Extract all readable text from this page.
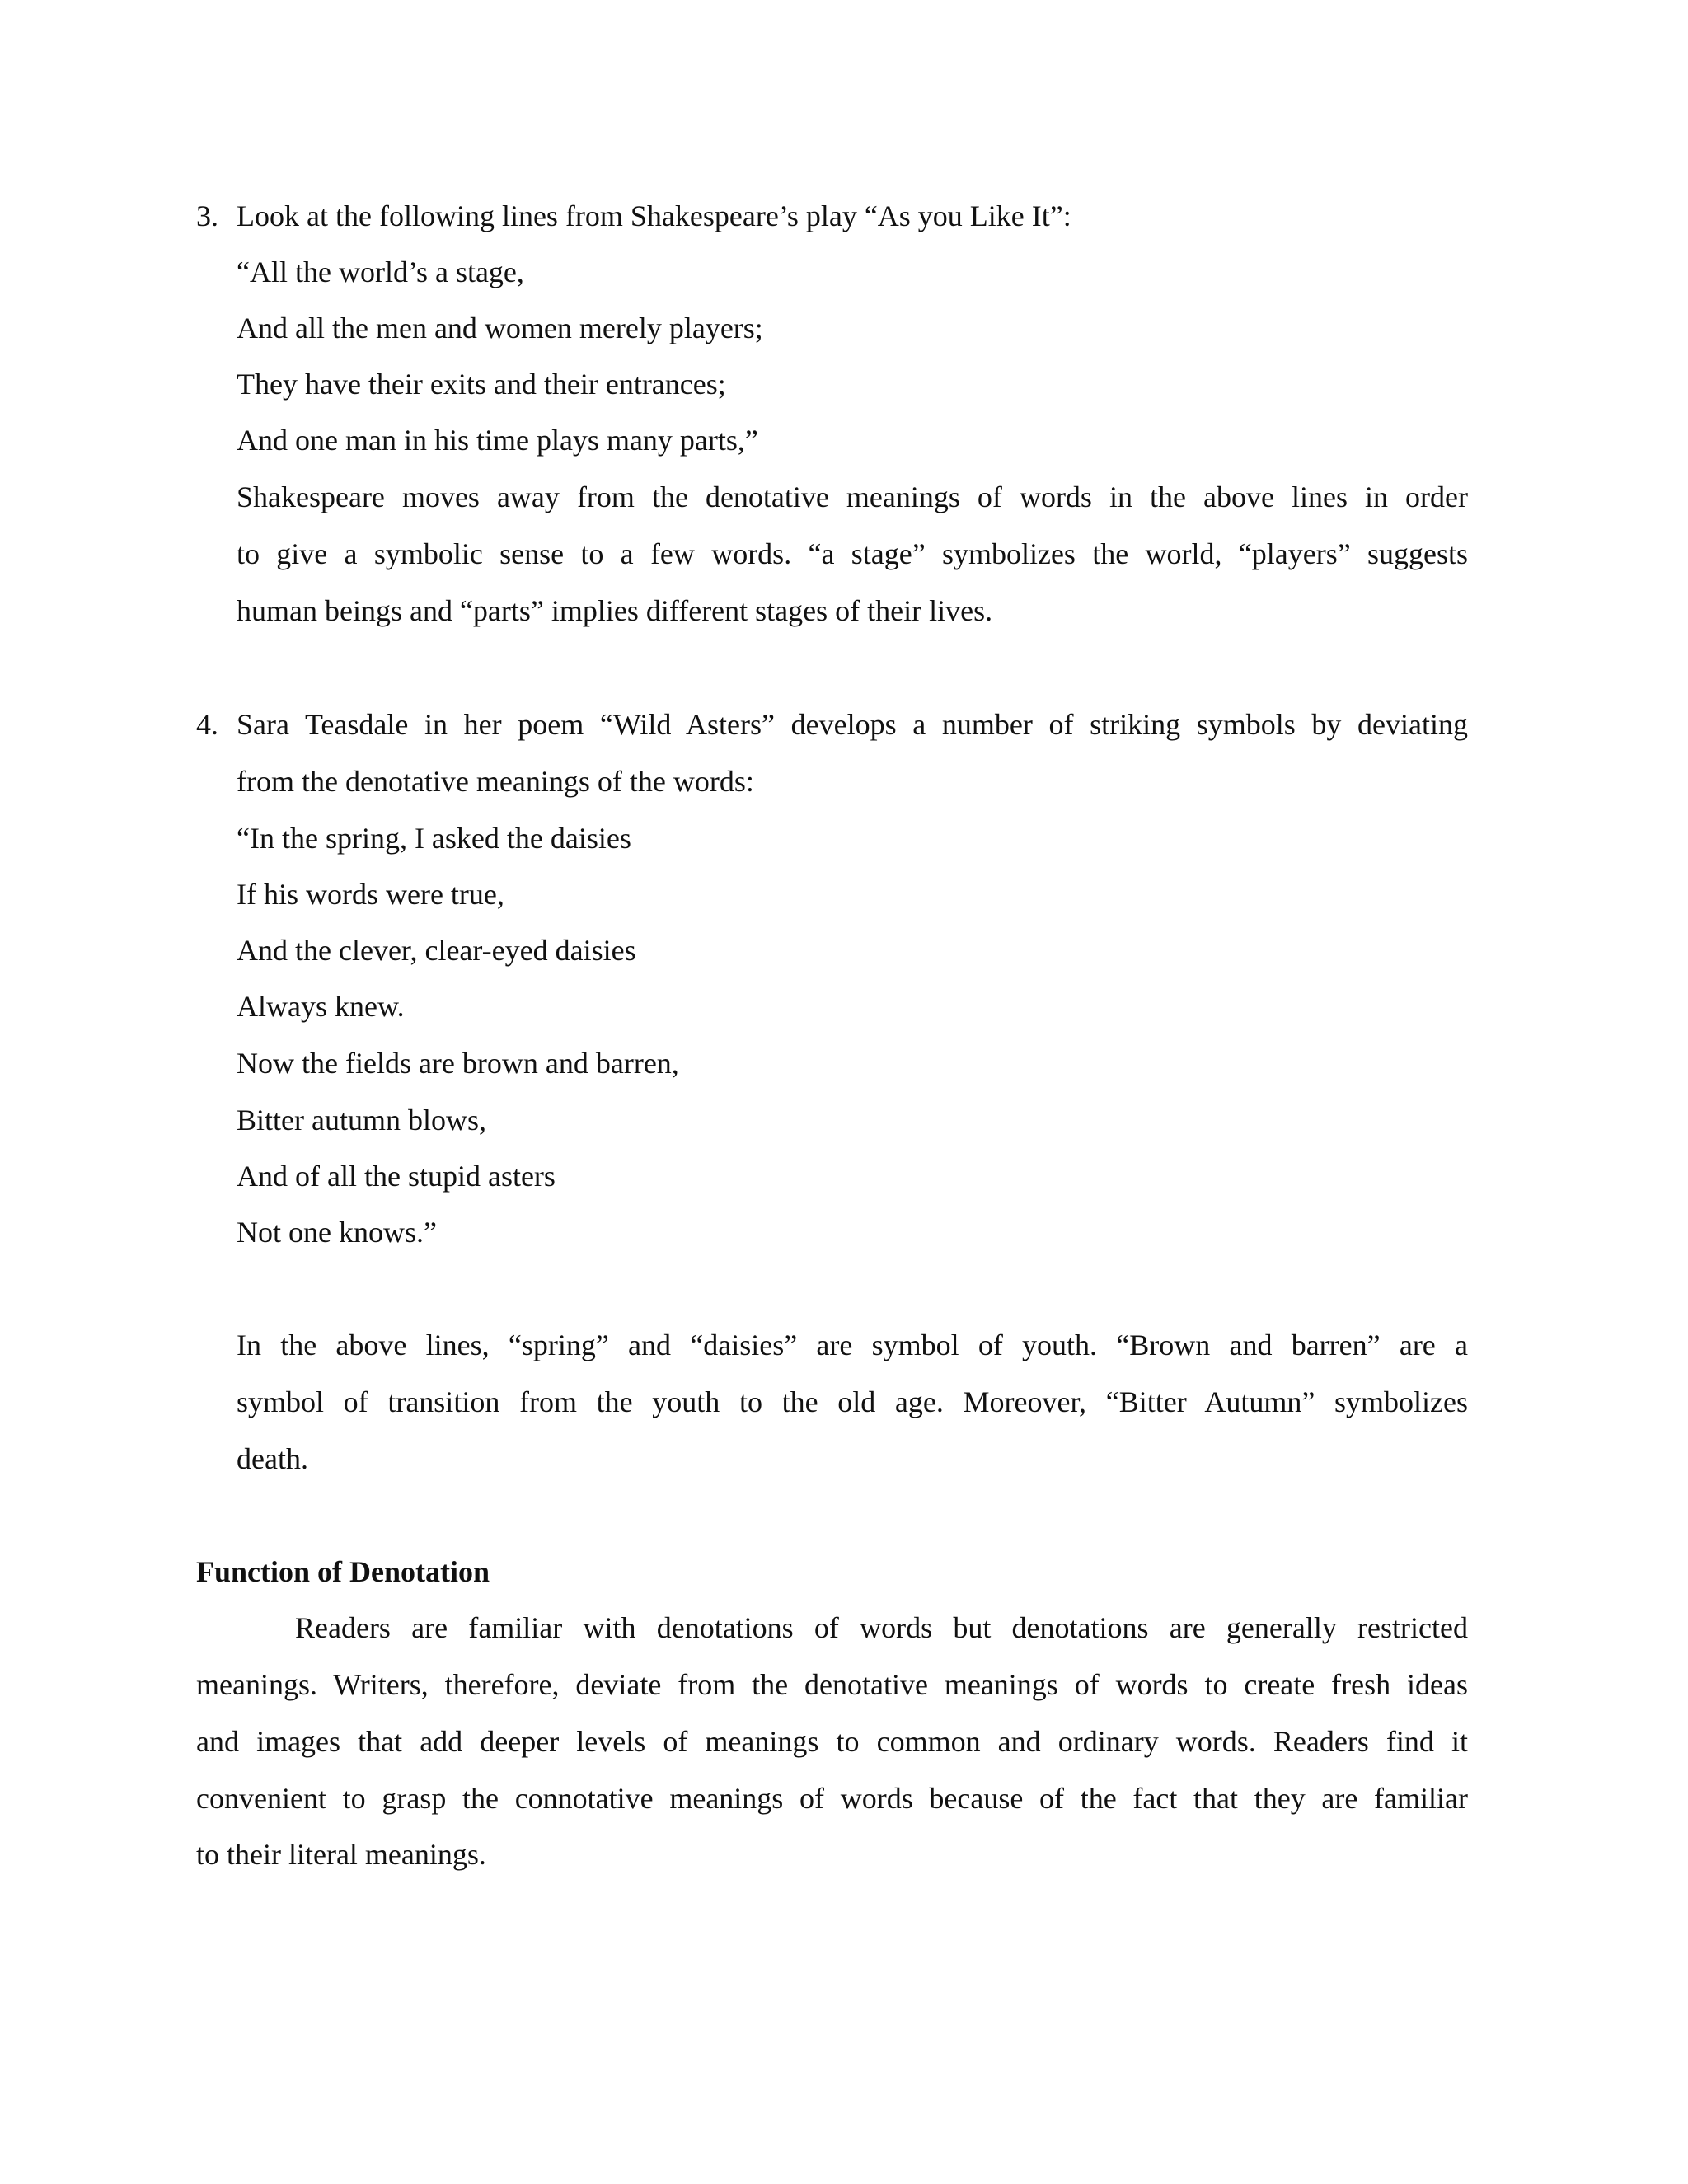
3. Look at the following lines from Shakespeare’s play “As you Like It”:
“All the world’s a stage,
And all the men and women merely players;
They have their exits and their entrances;
And one man in his time plays many parts,”
Shakespeare moves away from the denotative meanings of words in the above lines in order
to give a symbolic sense to a few words. “a stage” symbolizes the world, “players” suggests
human beings and “parts” implies different stages of their lives.
4. Sara Teasdale in her poem “Wild Asters” develops a number of striking symbols by deviating
from the denotative meanings of the words:
“In the spring, I asked the daisies
If his words were true,
And the clever, clear-eyed daisies
Always knew.
Now the fields are brown and barren,
Bitter autumn blows,
And of all the stupid asters
Not one knows.”
In the above lines, “spring” and “daisies” are symbol of youth. “Brown and barren” are a
symbol of transition from the youth to the old age. Moreover, “Bitter Autumn” symbolizes
death.
Function of Denotation
Readers are familiar with denotations of words but denotations are generally restricted
meanings. Writers, therefore, deviate from the denotative meanings of words to create fresh ideas
and images that add deeper levels of meanings to common and ordinary words. Readers find it
convenient to grasp the connotative meanings of words because of the fact that they are familiar
to their literal meanings.
